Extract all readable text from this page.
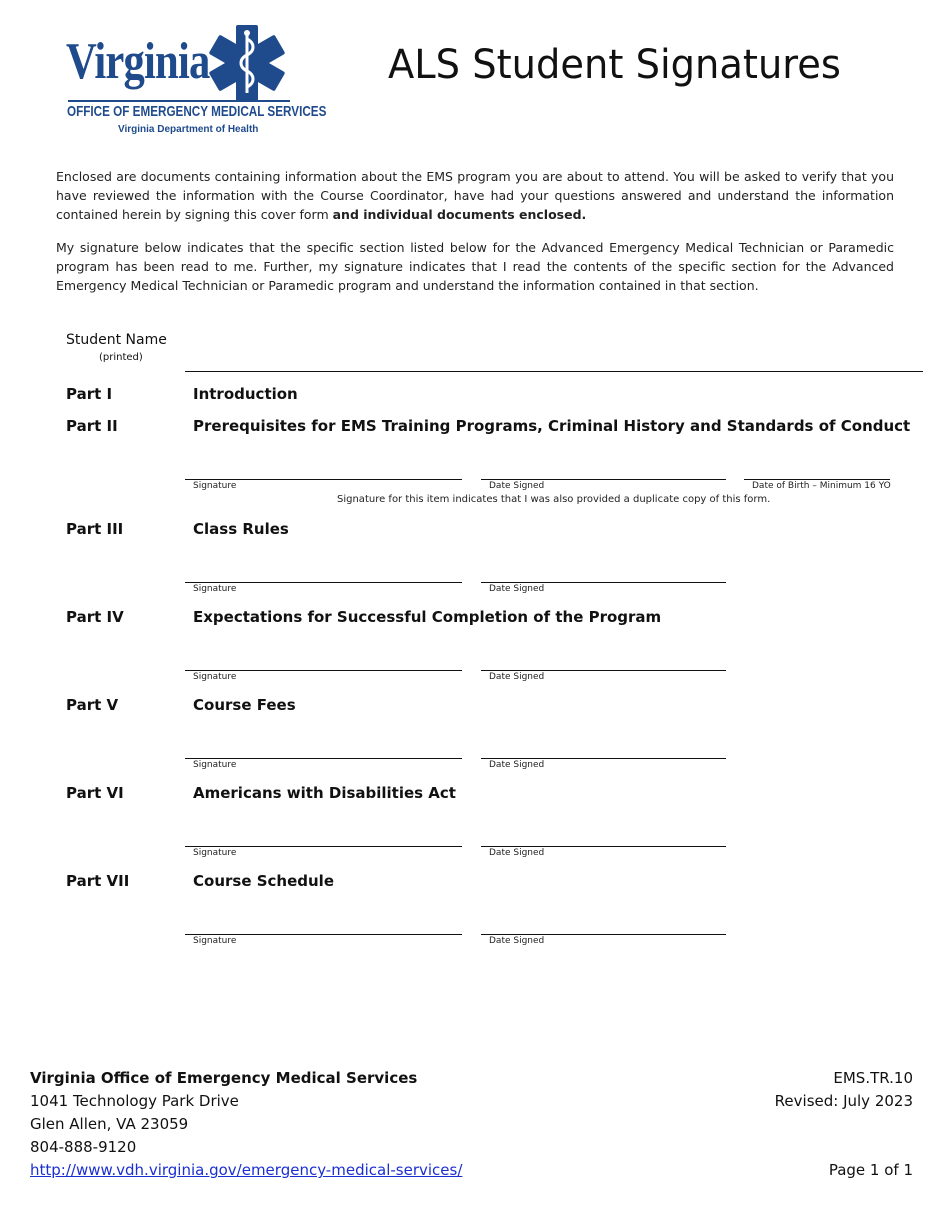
Virginia
OFFICE OF EMERGENCY MEDICAL SERVICES
Virginia Department of Health
ALS Student Signatures
Enclosed are documents containing information about the EMS program you are about to attend. You will be asked to verify that you have reviewed the information with the Course Coordinator, have had your questions answered and understand the information contained herein by signing this cover form and individual documents enclosed.
My signature below indicates that the specific section listed below for the Advanced Emergency Medical Technician or Paramedic program has been read to me. Further, my signature indicates that I read the contents of the specific section for the Advanced Emergency Medical Technician or Paramedic program and understand the information contained in that section.
Student Name
(printed)
Part I	Introduction
Part II	Prerequisites for EMS Training Programs, Criminal History and Standards of Conduct
Signature	Date Signed	Date of Birth – Minimum 16 YO
Signature for this item indicates that I was also provided a duplicate copy of this form.
Part III	Class Rules
Signature	Date Signed
Part IV	Expectations for Successful Completion of the Program
Signature	Date Signed
Part V	Course Fees
Signature	Date Signed
Part VI	Americans with Disabilities Act
Signature	Date Signed
Part VII	Course Schedule
Signature	Date Signed
Virginia Office of Emergency Medical Services
1041 Technology Park Drive
Glen Allen, VA 23059
804-888-9120
http://www.vdh.virginia.gov/emergency-medical-services/
EMS.TR.10
Revised: July 2023
Page 1 of 1
